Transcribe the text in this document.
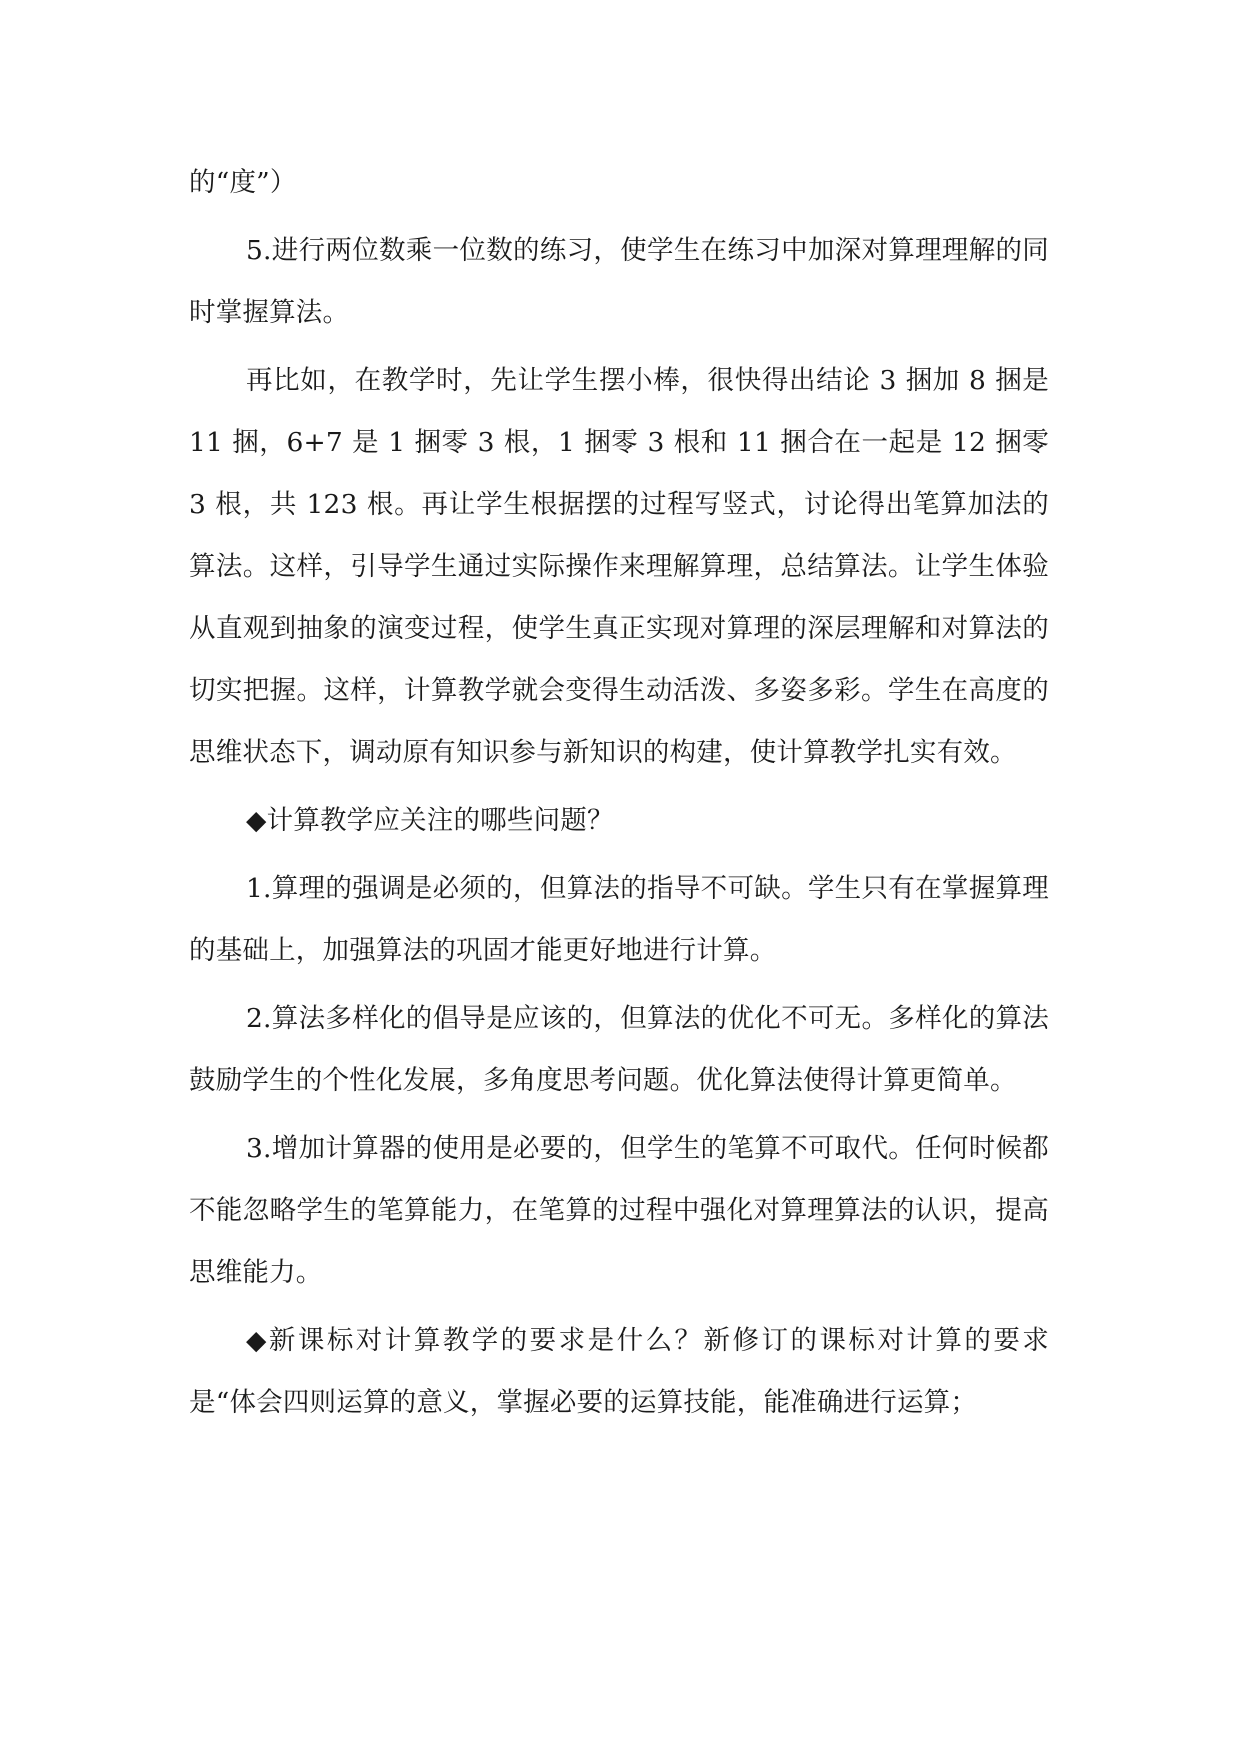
的“度”）

5.进行两位数乘一位数的练习，使学生在练习中加深对算理理解的同时掌握算法。

再比如，在教学时，先让学生摆小棒，很快得出结论 3 捆加 8 捆是 11 捆，6+7 是 1 捆零 3 根，1 捆零 3 根和 11 捆合在一起是 12 捆零 3 根，共 123 根。再让学生根据摆的过程写竖式，讨论得出笔算加法的算法。这样，引导学生通过实际操作来理解算理，总结算法。让学生体验从直观到抽象的演变过程，使学生真正实现对算理的深层理解和对算法的切实把握。这样，计算教学就会变得生动活泼、多姿多彩。学生在高度的思维状态下，调动原有知识参与新知识的构建，使计算教学扎实有效。

◆计算教学应关注的哪些问题？

1.算理的强调是必须的，但算法的指导不可缺。学生只有在掌握算理的基础上，加强算法的巩固才能更好地进行计算。

2.算法多样化的倡导是应该的，但算法的优化不可无。多样化的算法鼓励学生的个性化发展，多角度思考问题。优化算法使得计算更简单。

3.增加计算器的使用是必要的，但学生的笔算不可取代。任何时候都不能忽略学生的笔算能力，在笔算的过程中强化对算理算法的认识，提高思维能力。

◆新课标对计算教学的要求是什么？新修订的课标对计算的要求是“体会四则运算的意义，掌握必要的运算技能，能准确进行运算；
